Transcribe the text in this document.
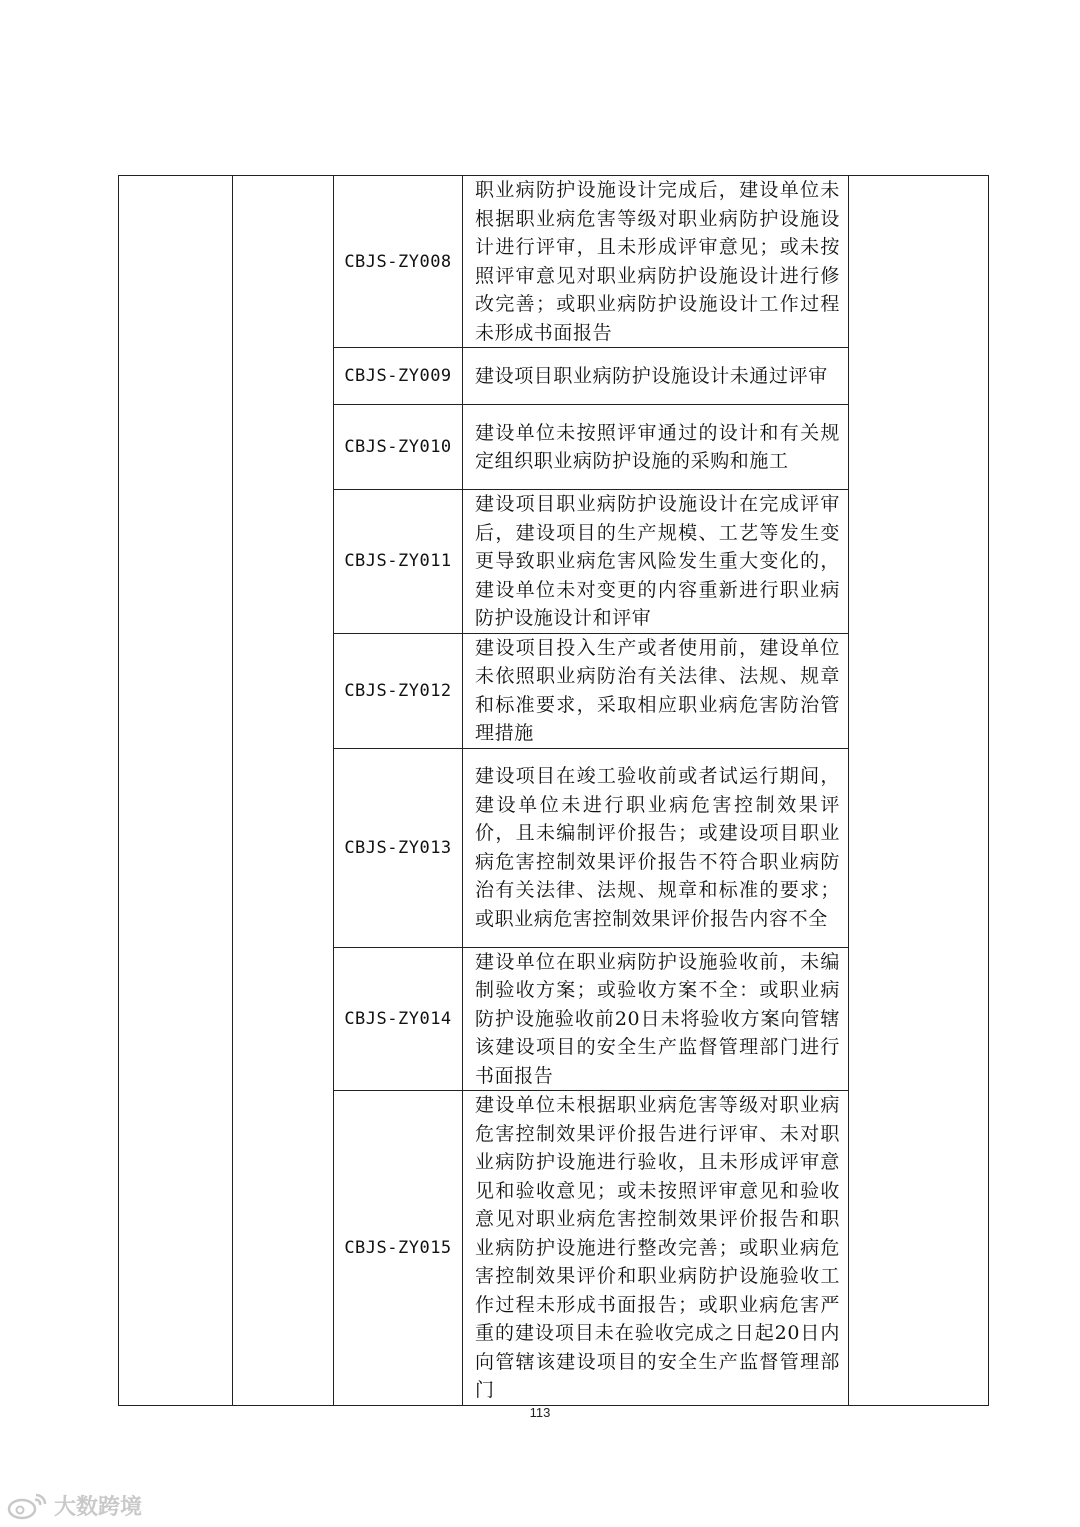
		CBJS-ZY008	职业病防护设施设计完成后，建设单位未根据职业病危害等级对职业病防护设施设计进行评审，且未形成评审意见；或未按照评审意见对职业病防护设施设计进行修改完善；或职业病防护设施设计工作过程未形成书面报告	
		CBJS-ZY009	建设项目职业病防护设施设计未通过评审	
		CBJS-ZY010	建设单位未按照评审通过的设计和有关规定组织职业病防护设施的采购和施工	
		CBJS-ZY011	建设项目职业病防护设施设计在完成评审后，建设项目的生产规模、工艺等发生变更导致职业病危害风险发生重大变化的，建设单位未对变更的内容重新进行职业病防护设施设计和评审	
		CBJS-ZY012	建设项目投入生产或者使用前，建设单位未依照职业病防治有关法律、法规、规章和标准要求，采取相应职业病危害防治管理措施	
		CBJS-ZY013	建设项目在竣工验收前或者试运行期间，建设单位未进行职业病危害控制效果评价，且未编制评价报告；或建设项目职业病危害控制效果评价报告不符合职业病防治有关法律、法规、规章和标准的要求；或职业病危害控制效果评价报告内容不全	
		CBJS-ZY014	建设单位在职业病防护设施验收前，未编制验收方案；或验收方案不全：或职业病防护设施验收前20日未将验收方案向管辖该建设项目的安全生产监督管理部门进行书面报告	
		CBJS-ZY015	建设单位未根据职业病危害等级对职业病危害控制效果评价报告进行评审、未对职业病防护设施进行验收，且未形成评审意见和验收意见；或未按照评审意见和验收意见对职业病危害控制效果评价报告和职业病防护设施进行整改完善；或职业病危害控制效果评价和职业病防护设施验收工作过程未形成书面报告；或职业病危害严重的建设项目未在验收完成之日起20日内向管辖该建设项目的安全生产监督管理部门	
113
大数跨境
